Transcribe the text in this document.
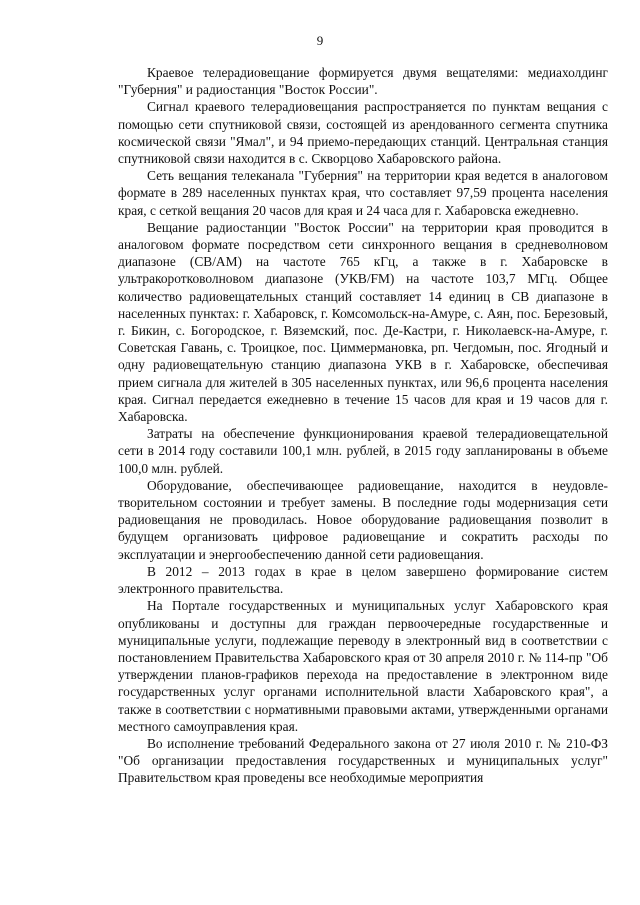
9

Краевое телерадиовещание формируется двумя вещателями: медиахолдинг "Губерния" и радиостанция "Восток России".

Сигнал краевого телерадиовещания распространяется по пунктам вещания с помощью сети спутниковой связи, состоящей из арендованного сегмента спутника космической связи "Ямал", и 94 приемо-передающих станций. Центральная станция спутниковой связи находится в с. Скворцово Хабаровского района.

Сеть вещания телеканала "Губерния" на территории края ведется в аналоговом формате в 289 населенных пунктах края, что составляет 97,59 процента населения края, с сеткой вещания 20 часов для края и 24 часа для г. Хабаровска ежедневно.

Вещание радиостанции "Восток России" на территории края проводится в аналоговом формате посредством сети синхронного вещания в средневолновом диапазоне (СВ/АМ) на частоте 765 кГц, а также в г. Хабаровске в ультракоротковолновом диапазоне (УКВ/FM) на частоте 103,7 МГц. Общее количество радиовещательных станций составляет 14 единиц в СВ диапазоне в населенных пунктах: г. Хабаровск, г. Комсомольск-на-Амуре, с. Аян, пос. Березовый, г. Бикин, с. Богородское, г. Вяземский, пос. Де-Кастри, г. Николаевск-на-Амуре, г. Советская Гавань, с. Троицкое, пос. Циммермановка, рп. Чегдомын, пос. Ягодный и одну радиовещательную станцию диапазона УКВ в г. Хабаровске, обеспечивая прием сигнала для жителей в 305 населенных пунктах, или 96,6 процента населения края. Сигнал передается ежедневно в течение 15 часов для края и 19 часов для г. Хабаровска.

Затраты на обеспечение функционирования краевой телерадиовещательной сети в 2014 году составили 100,1 млн. рублей, в 2015 году запланированы в объеме 100,0 млн. рублей.

Оборудование, обеспечивающее радиовещание, находится в неудовлетворительном состоянии и требует замены. В последние годы модернизация сети радиовещания не проводилась. Новое оборудование радиовещания позволит в будущем организовать цифровое радиовещание и сократить расходы по эксплуатации и энергообеспечению данной сети радиовещания.

В 2012 – 2013 годах в крае в целом завершено формирование систем электронного правительства.

На Портале государственных и муниципальных услуг Хабаровского края опубликованы и доступны для граждан первоочередные государственные и муниципальные услуги, подлежащие переводу в электронный вид в соответствии с постановлением Правительства Хабаровского края от 30 апреля 2010 г. № 114-пр "Об утверждении планов-графиков перехода на предоставление в электронном виде государственных услуг органами исполнительной власти Хабаровского края", а также в соответствии с нормативными правовыми актами, утвержденными органами местного самоуправления края.

Во исполнение требований Федерального закона от 27 июля 2010 г. № 210-ФЗ "Об организации предоставления государственных и муниципальных услуг" Правительством края проведены все необходимые мероприятия
